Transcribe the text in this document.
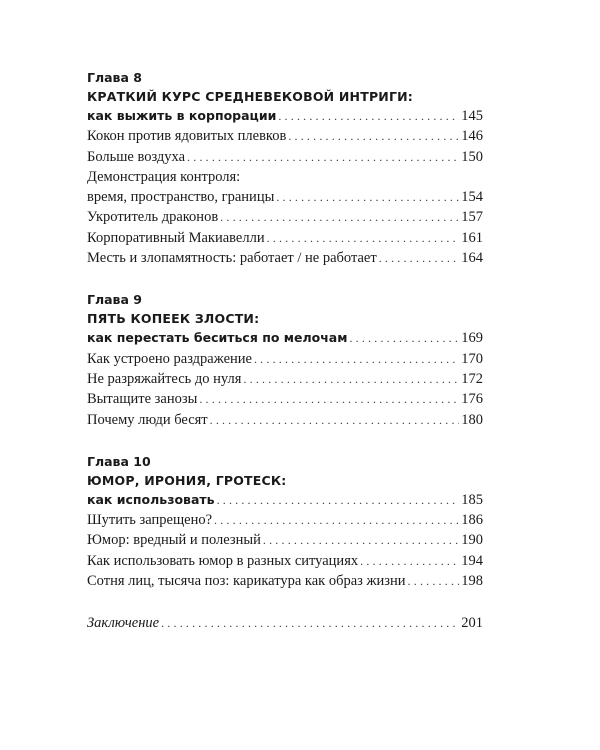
Глава 8
КРАТКИЙ КУРС СРЕДНЕВЕКОВОЙ ИНТРИГИ:
как выжить в корпорации .....	145
Кокон против ядовитых плевков .....	146
Больше воздуха .....	150
Демонстрация контроля:
время, пространство, границы .....	154
Укротитель драконов .....	157
Корпоративный Макиавелли .....	161
Месть и злопамятность: работает / не работает .....	164
Глава 9
ПЯТЬ КОПЕЕК ЗЛОСТИ:
как перестать беситься по мелочам .....	169
Как устроено раздражение .....	170
Не разряжайтесь до нуля .....	172
Вытащите занозы .....	176
Почему люди бесят .....	180
Глава 10
ЮМОР, ИРОНИЯ, ГРОТЕСК:
как использовать .....	185
Шутить запрещено? .....	186
Юмор: вредный и полезный .....	190
Как использовать юмор в разных ситуациях .....	194
Сотня лиц, тысяча поз: карикатура как образ жизни .....	198
Заключение .....	201
